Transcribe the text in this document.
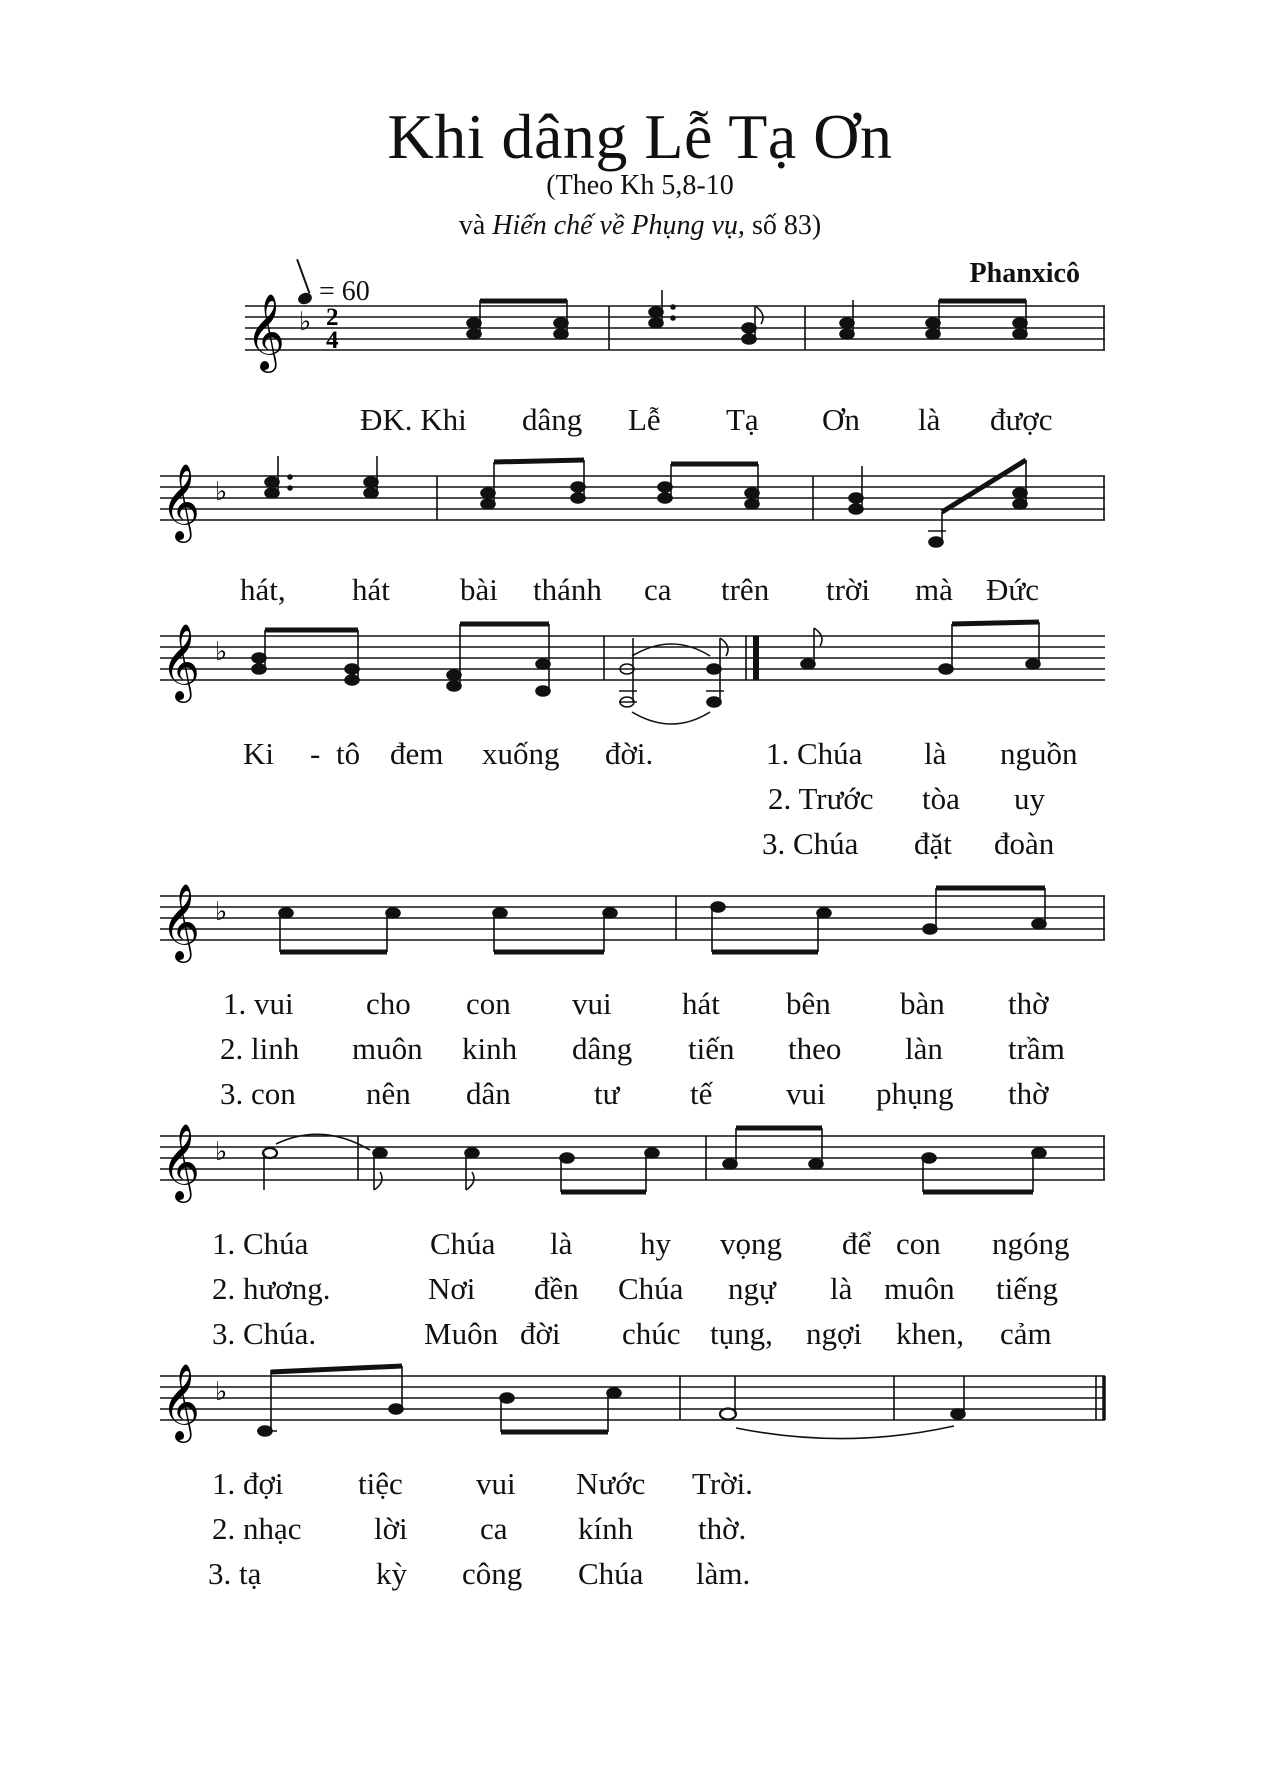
Khi dâng Lễ Tạ Ơn
(Theo Kh 5,8-10
và Hiến chế về Phụng vụ, số 83)
Phanxicô
= 60
𝄞 ♭ 2
4
ĐK. Khi dâng Lễ Tạ Ơn là được
𝄞 ♭
hát, hát bài thánh ca trên trời mà Đức
𝄞 ♭
Ki - tô đem xuống đời.	1. Chúa là nguồn
2. Trước tòa uy
3. Chúa đặt đoàn
𝄞 ♭
1. vui cho con vui hát bên bàn thờ
2. linh muôn kinh dâng tiến theo làn trầm
3. con nên dân	tư tế vui phụng thờ
𝄞 ♭
1. Chúa	Chúa là hy vọng để con ngóng
2. hương.	Nơi đền Chúa ngự là muôn tiếng
3. Chúa.	Muôn đời chúc tụng, ngợi khen, cảm
𝄞 ♭
1. đợi tiệc vui Nước Trời.
2. nhạc lời ca kính thờ.
3. tạ	kỳ công Chúa làm.
